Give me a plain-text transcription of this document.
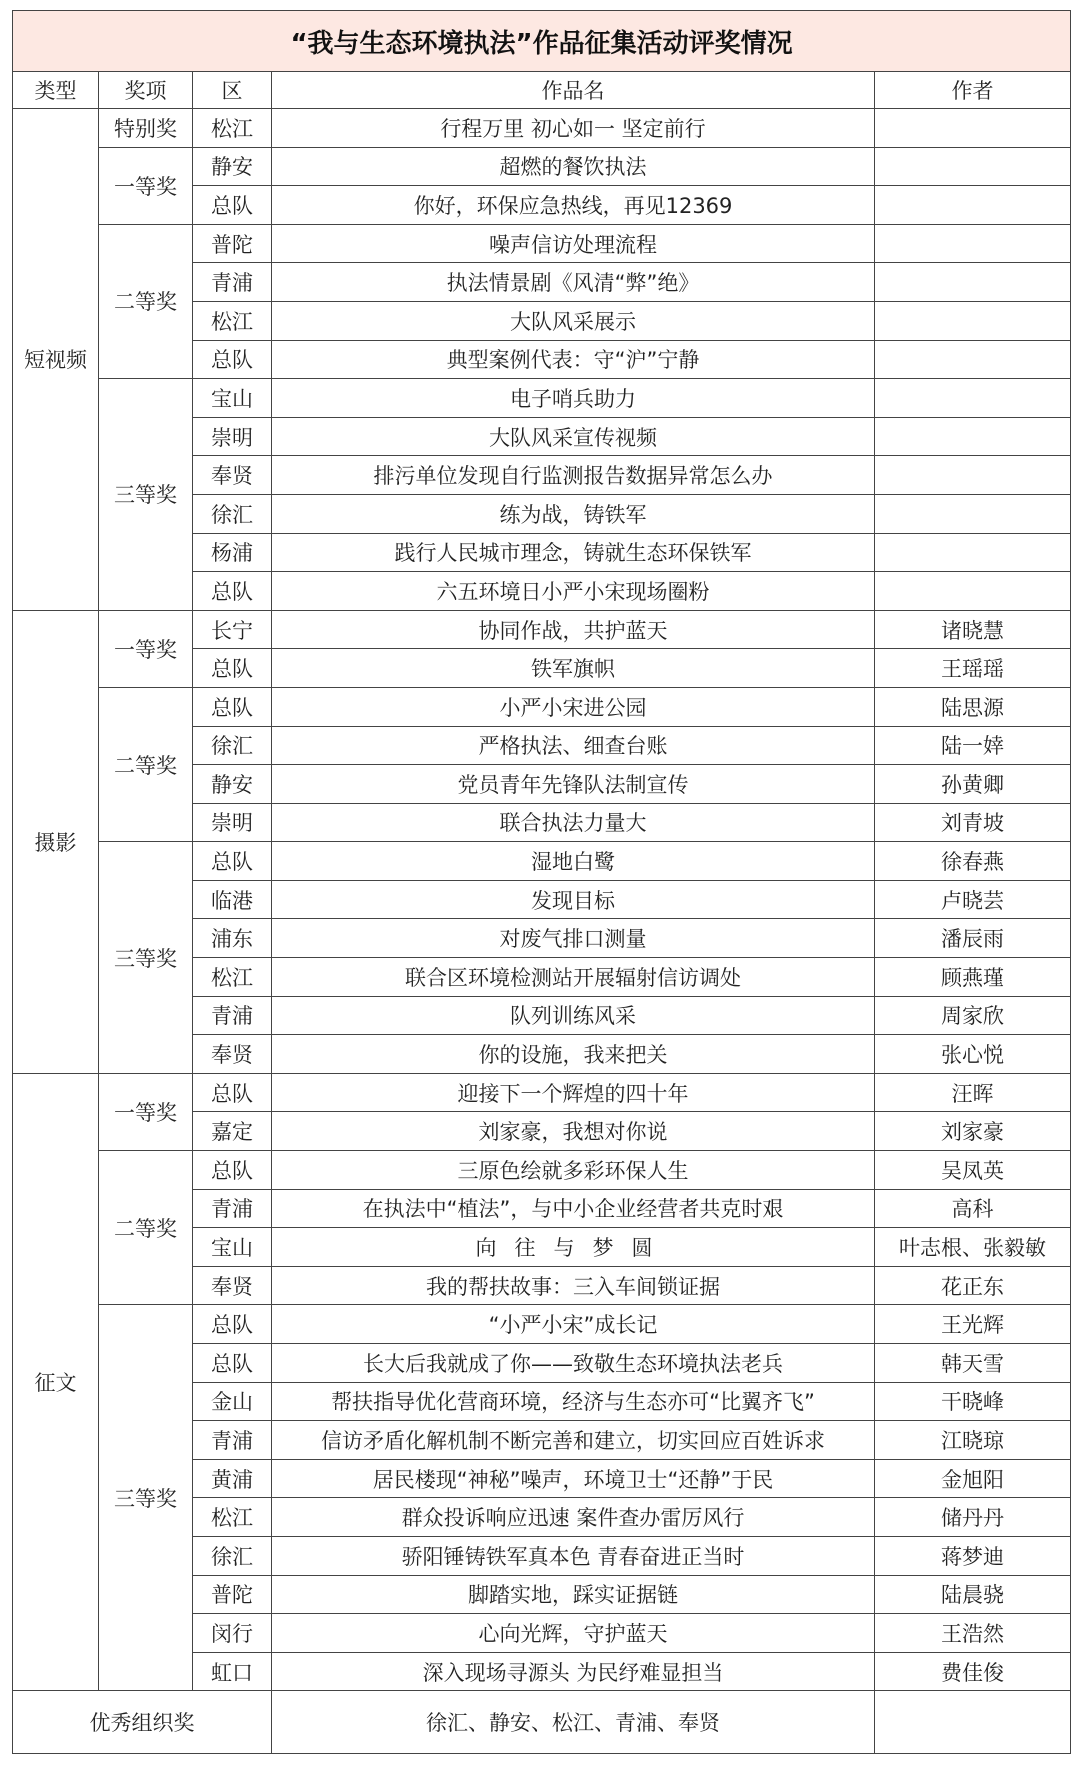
“我与生态环境执法”作品征集活动评奖情况				
类型	奖项	区	作品名	作者
短视频	特别奖	松江	行程万里 初心如一 坚定前行	
	一等奖	静安	超燃的餐饮执法	
		总队	你好，环保应急热线，再见12369	
	二等奖	普陀	噪声信访处理流程	
		青浦	执法情景剧《风清“弊”绝》	
		松江	大队风采展示	
		总队	典型案例代表：守“沪”宁静	
	三等奖	宝山	电子哨兵助力	
		崇明	大队风采宣传视频	
		奉贤	排污单位发现自行监测报告数据异常怎么办	
		徐汇	练为战，铸铁军	
		杨浦	践行人民城市理念，铸就生态环保铁军	
		总队	六五环境日小严小宋现场圈粉	
摄影	一等奖	长宁	协同作战，共护蓝天	诸晓慧
		总队	铁军旗帜	王瑶瑶
	二等奖	总队	小严小宋进公园	陆思源
		徐汇	严格执法、细查台账	陆一婞
		静安	党员青年先锋队法制宣传	孙黄卿
		崇明	联合执法力量大	刘青坡
	三等奖	总队	湿地白鹭	徐春燕
		临港	发现目标	卢晓芸
		浦东	对废气排口测量	潘辰雨
		松江	联合区环境检测站开展辐射信访调处	顾燕瑾
		青浦	队列训练风采	周家欣
		奉贤	你的设施，我来把关	张心悦
征文	一等奖	总队	迎接下一个辉煌的四十年	汪晖
		嘉定	刘家豪，我想对你说	刘家豪
	二等奖	总队	三原色绘就多彩环保人生	吴凤英
		青浦	在执法中“植法”，与中小企业经营者共克时艰	高科
		宝山	向往与梦圆	叶志根、张毅敏
		奉贤	我的帮扶故事：三入车间锁证据	花正东
	三等奖	总队	“小严小宋”成长记	王光辉
		总队	长大后我就成了你——致敬生态环境执法老兵	韩天雪
		金山	帮扶指导优化营商环境，经济与生态亦可“比翼齐飞”	干晓峰
		青浦	信访矛盾化解机制不断完善和建立，切实回应百姓诉求	江晓琼
		黄浦	居民楼现“神秘”噪声，环境卫士“还静”于民	金旭阳
		松江	群众投诉响应迅速 案件查办雷厉风行	储丹丹
		徐汇	骄阳锤铸铁军真本色 青春奋进正当时	蒋梦迪
		普陀	脚踏实地，踩实证据链	陆晨骁
		闵行	心向光辉，守护蓝天	王浩然
		虹口	深入现场寻源头 为民纾难显担当	费佳俊
优秀组织奖			徐汇、静安、松江、青浦、奉贤	
